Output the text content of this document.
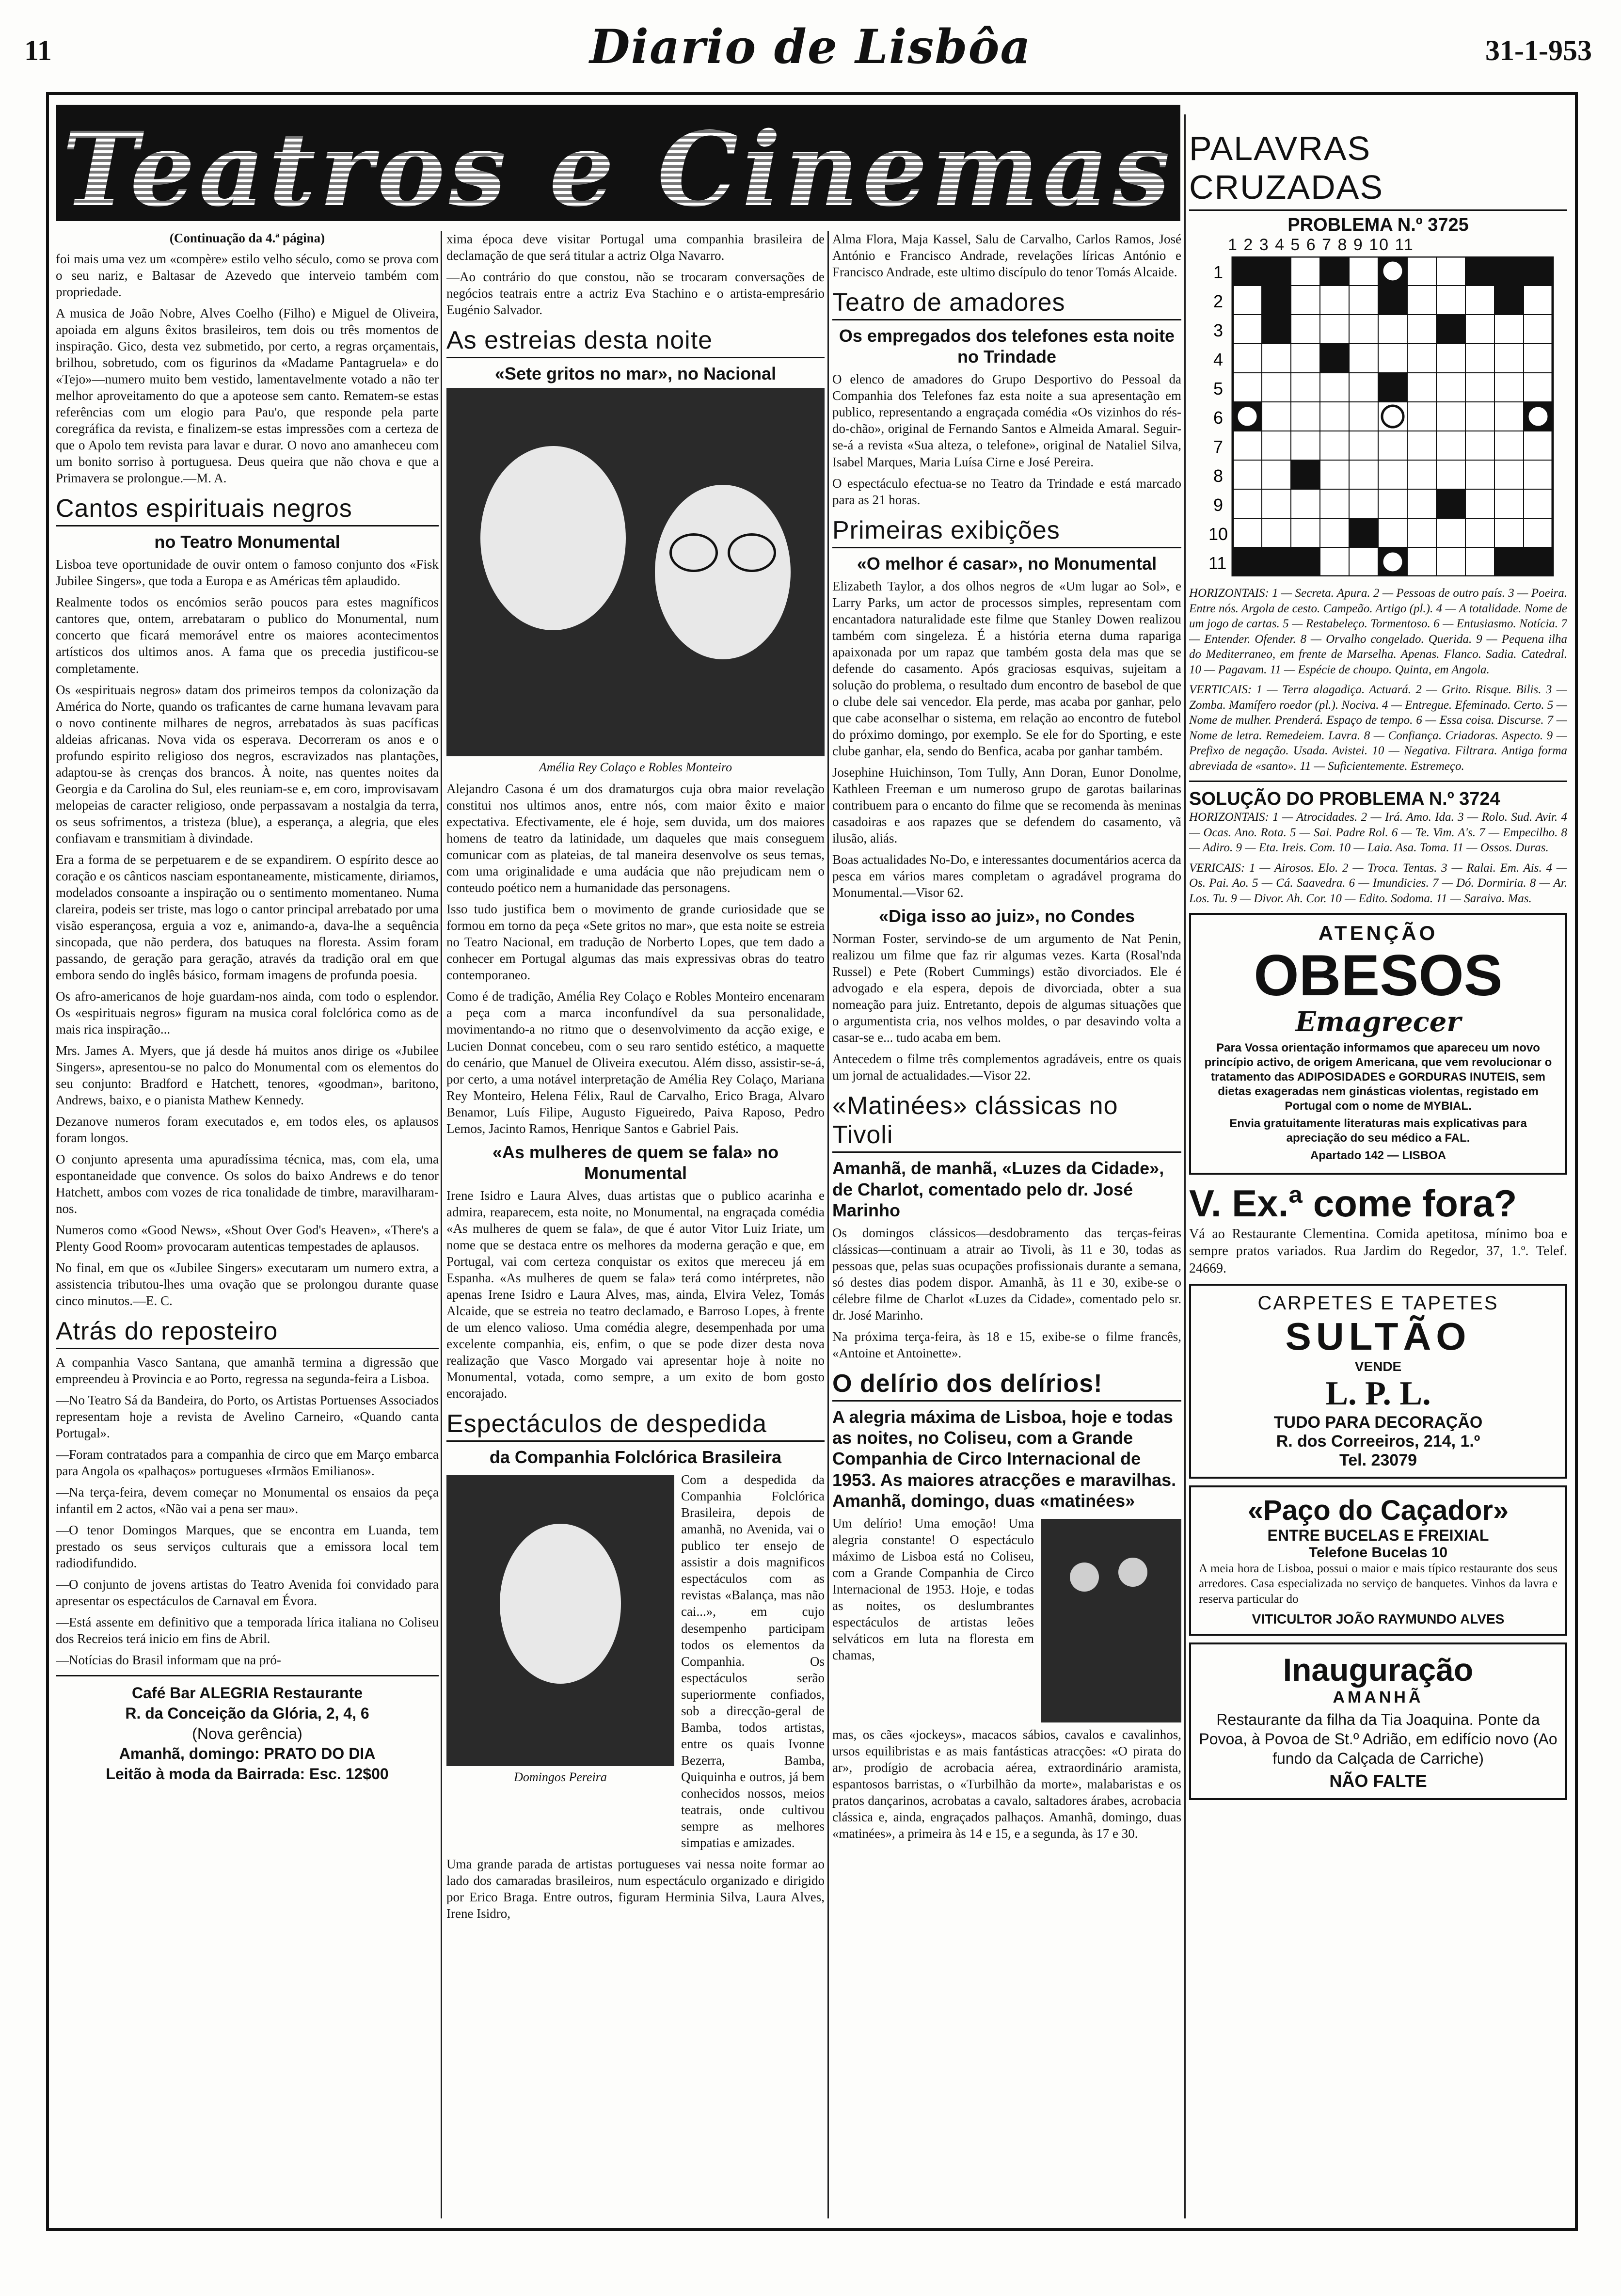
11	Diario de Lisbôa	31-1-953
Teatros e Cinemas
(Continuação da 4.ª página)

foi mais uma vez um «compère» estilo velho século, como se prova com o seu nariz, e Baltasar de Azevedo que interveio também com propriedade.

A musica de João Nobre, Alves Coelho (Filho) e Miguel de Oliveira, apoiada em alguns êxitos brasileiros, tem dois ou três momentos de inspiração. Gico, desta vez submetido, por certo, a regras orçamentais, brilhou, sobretudo, com os figurinos da «Madame Pantagruela» e do «Tejo»—numero muito bem vestido, lamentavelmente votado a não ter melhor aproveitamento do que a apoteose sem canto. Rematem-se estas referências com um elogio para Pau'o, que responde pela parte coregráfica da revista, e finalizem-se estas impressões com a certeza de que o Apolo tem revista para lavar e durar. O novo ano amanheceu com um bonito sorriso à portuguesa. Deus queira que não chova e que a Primavera se prolongue.—M. A.

Cantos espirituais negros
no Teatro Monumental

Lisboa teve oportunidade de ouvir ontem o famoso conjunto dos «Fisk Jubilee Singers», que toda a Europa e as Américas têm aplaudido.

Realmente todos os encómios serão poucos para estes magníficos cantores que, ontem, arrebataram o publico do Monumental, num concerto que ficará memorável entre os maiores acontecimentos artísticos dos ultimos anos. A fama que os precedia justificou-se completamente.

Os «espirituais negros» datam dos primeiros tempos da colonização da América do Norte, quando os traficantes de carne humana levavam para o novo continente milhares de negros, arrebatados às suas pacíficas aldeias africanas. Nova vida os esperava. Decorreram os anos e o profundo espirito religioso dos negros, escravizados nas plantações, adaptou-se às crenças dos brancos. À noite, nas quentes noites da Georgia e da Carolina do Sul, eles reuniam-se e, em coro, improvisavam melopeias de caracter religioso, onde perpassavam a nostalgia da terra, os seus sofrimentos, a tristeza (blue), a esperança, a alegria, que eles confiavam e transmitiam à divindade.

Era a forma de se perpetuarem e de se expandirem. O espírito desce ao coração e os cânticos nasciam espontaneamente, misticamente, diriamos, modelados consoante a inspiração ou o sentimento momentaneo. Numa clareira, podeis ser triste, mas logo o cantor principal arrebatado por uma visão esperançosa, erguia a voz e, animando-a, dava-lhe a sequência sincopada, que não perdera, dos batuques na floresta. Assim foram passando, de geração para geração, através da tradição oral em que embora sendo do inglês básico, formam imagens de profunda poesia.

Os afro-americanos de hoje guardam-nos ainda, com todo o esplendor. Os «espirituais negros» figuram na musica coral folclórica como as de mais rica inspiração...

Mrs. James A. Myers, que já desde há muitos anos dirige os «Jubilee Singers», apresentou-se no palco do Monumental com os elementos do seu conjunto: Bradford e Hatchett, tenores, «goodman», baritono, Andrews, baixo, e o pianista Mathew Kennedy.

Dezanove numeros foram executados e, em todos eles, os aplausos foram longos.

O conjunto apresenta uma apuradíssima técnica, mas, com ela, uma espontaneidade que convence. Os solos do baixo Andrews e do tenor Hatchett, ambos com vozes de rica tonalidade de timbre, maravilharam-nos.

Numeros como «Good News», «Shout Over God's Heaven», «There's a Plenty Good Room» provocaram autenticas tempestades de aplausos.

No final, em que os «Jubilee Singers» executaram um numero extra, a assistencia tributou-lhes uma ovação que se prolongou durante quase cinco minutos.—E. C.

Atrás do reposteiro

A companhia Vasco Santana, que amanhã termina a digressão que empreendeu à Provincia e ao Porto, regressa na segunda-feira a Lisboa.

—No Teatro Sá da Bandeira, do Porto, os Artistas Portuenses Associados representam hoje a revista de Avelino Carneiro, «Quando canta Portugal».

—Foram contratados para a companhia de circo que em Março embarca para Angola os «palhaços» portugueses «Irmãos Emilianos».

—Na terça-feira, devem começar no Monumental os ensaios da peça infantil em 2 actos, «Não vai a pena ser mau».

—O tenor Domingos Marques, que se encontra em Luanda, tem prestado os seus serviços culturais que a emissora local tem radiodifundido.

—O conjunto de jovens artistas do Teatro Avenida foi convidado para apresentar os espectáculos de Carnaval em Évora.

—Está assente em definitivo que a temporada lírica italiana no Coliseu dos Recreios terá inicio em fins de Abril.

—Notícias do Brasil informam que na pró-

Café Bar ALEGRIA Restaurante

R. da Conceição da Glória, 2, 4, 6

(Nova gerência)

Amanhã, domingo: PRATO DO DIA

Leitão à moda da Bairrada: Esc. 12$00

xima época deve visitar Portugal uma companhia brasileira de declamação de que será titular a actriz Olga Navarro.

—Ao contrário do que constou, não se trocaram conversações de negócios teatrais entre a actriz Eva Stachino e o artista-empresário Eugénio Salvador.

As estreias desta noite
«Sete gritos no mar», no Nacional
Amélia Rey Colaço e Robles Monteiro

Alejandro Casona é um dos dramaturgos cuja obra maior revelação constitui nos ultimos anos, entre nós, com maior êxito e maior expectativa. Efectivamente, ele é hoje, sem duvida, um dos maiores homens de teatro da latinidade, um daqueles que mais conseguem comunicar com as plateias, de tal maneira desenvolve os seus temas, com uma originalidade e uma audácia que não prejudicam nem o conteudo poético nem a humanidade das personagens.

Isso tudo justifica bem o movimento de grande curiosidade que se formou em torno da peça «Sete gritos no mar», que esta noite se estreia no Teatro Nacional, em tradução de Norberto Lopes, que tem dado a conhecer em Portugal algumas das mais expressivas obras do teatro contemporaneo.

Como é de tradição, Amélia Rey Colaço e Robles Monteiro encenaram a peça com a marca inconfundível da sua personalidade, movimentando-a no ritmo que o desenvolvimento da acção exige, e Lucien Donnat concebeu, com o seu raro sentido estético, a maquette do cenário, que Manuel de Oliveira executou. Além disso, assistir-se-á, por certo, a uma notável interpretação de Amélia Rey Colaço, Mariana Rey Monteiro, Helena Félix, Raul de Carvalho, Erico Braga, Alvaro Benamor, Luís Filipe, Augusto Figueiredo, Paiva Raposo, Pedro Lemos, Jacinto Ramos, Henrique Santos e Gabriel Pais.

«As mulheres de quem se fala» no Monumental

Irene Isidro e Laura Alves, duas artistas que o publico acarinha e admira, reaparecem, esta noite, no Monumental, na engraçada comédia «As mulheres de quem se fala», de que é autor Vitor Luiz Iriate, um nome que se destaca entre os melhores da moderna geração e que, em Portugal, vai com certeza conquistar os exitos que mereceu já em Espanha. «As mulheres de quem se fala» terá como intérpretes, não apenas Irene Isidro e Laura Alves, mas, ainda, Elvira Velez, Tomás Alcaide, que se estreia no teatro declamado, e Barroso Lopes, à frente de um elenco valioso. Uma comédia alegre, desempenhada por uma excelente companhia, eis, enfim, o que se pode dizer desta nova realização que Vasco Morgado vai apresentar hoje à noite no Monumental, votada, como sempre, a um exito de bom gosto encorajado.

Espectáculos de despedida
da Companhia Folclórica Brasileira
Domingos Pereira

Com a despedida da Companhia Folclórica Brasileira, depois de amanhã, no Avenida, vai o publico ter ensejo de assistir a dois magnificos espectáculos com as revistas «Balança, mas não cai...», em cujo desempenho participam todos os elementos da Companhia. Os espectáculos serão superiormente confiados, sob a direcção-geral de Bamba, todos artistas, entre os quais Ivonne Bezerra, Bamba, Quiquinha e outros, já bem conhecidos nossos, meios teatrais, onde cultivou sempre as melhores simpatias e amizades.

Uma grande parada de artistas portugueses vai nessa noite formar ao lado dos camaradas brasileiros, num espectáculo organizado e dirigido por Erico Braga. Entre outros, figuram Herminia Silva, Laura Alves, Irene Isidro,

Alma Flora, Maja Kassel, Salu de Carvalho, Carlos Ramos, José António e Francisco Andrade, revelações líricas António e Francisco Andrade, este ultimo discípulo do tenor Tomás Alcaide.

Teatro de amadores
Os empregados dos telefones esta noite no Trindade

O elenco de amadores do Grupo Desportivo do Pessoal da Companhia dos Telefones faz esta noite a sua apresentação em publico, representando a engraçada comédia «Os vizinhos do rés-do-chão», original de Fernando Santos e Almeida Amaral. Seguir-se-á a revista «Sua alteza, o telefone», original de Nataliel Silva, Isabel Marques, Maria Luísa Cirne e José Pereira.

O espectáculo efectua-se no Teatro da Trindade e está marcado para as 21 horas.

Primeiras exibições
«O melhor é casar», no Monumental

Elizabeth Taylor, a dos olhos negros de «Um lugar ao Sol», e Larry Parks, um actor de processos simples, representam com encantadora naturalidade este filme que Stanley Dowen realizou também com singeleza. É a história eterna duma rapariga apaixonada por um rapaz que também gosta dela mas que se defende do casamento. Após graciosas esquivas, sujeitam a solução do problema, o resultado dum encontro de basebol de que o clube dele sai vencedor. Ela perde, mas acaba por ganhar, pelo que cabe aconselhar o sistema, em relação ao encontro de futebol do próximo domingo, por exemplo. Se ele for do Sporting, e este clube ganhar, ela, sendo do Benfica, acaba por ganhar também.

Josephine Huichinson, Tom Tully, Ann Doran, Eunor Donolme, Kathleen Freeman e um numeroso grupo de garotas bailarinas contribuem para o encanto do filme que se recomenda às meninas casadoiras e aos rapazes que se defendem do casamento, vã ilusão, aliás.

Boas actualidades No-Do, e interessantes documentários acerca da pesca em vários mares completam o agradável programa do Monumental.—Visor 62.

«Diga isso ao juiz», no Condes

Norman Foster, servindo-se de um argumento de Nat Penin, realizou um filme que faz rir algumas vezes. Karta (Rosal'nda Russel) e Pete (Robert Cummings) estão divorciados. Ele é advogado e ela espera, depois de divorciada, obter a sua nomeação para juiz. Entretanto, depois de algumas situações que o argumentista cria, nos velhos moldes, o par desavindo volta a casar-se e... tudo acaba em bem.

Antecedem o filme três complementos agradáveis, entre os quais um jornal de actualidades.—Visor 22.

«Matinées» clássicas no Tivoli
Amanhã, de manhã, «Luzes da Cidade», de Charlot, comentado pelo dr. José Marinho

Os domingos clássicos—desdobramento das terças-feiras clássicas—continuam a atrair ao Tivoli, às 11 e 30, todas as pessoas que, pelas suas ocupações profissionais durante a semana, só destes dias podem dispor. Amanhã, às 11 e 30, exibe-se o célebre filme de Charlot «Luzes da Cidade», comentado pelo sr. dr. José Marinho.

Na próxima terça-feira, às 18 e 15, exibe-se o filme francês, «Antoine et Antoinette».

O delírio dos delírios!
A alegria máxima de Lisboa, hoje e todas as noites, no Coliseu, com a Grande Companhia de Circo Internacional de 1953. As maiores atracções e maravilhas. Amanhã, domingo, duas «matinées»

Um delírio! Uma emoção! Uma alegria constante! O espectáculo máximo de Lisboa está no Coliseu, com a Grande Companhia de Circo Internacional de 1953. Hoje, e todas as noites, os deslumbrantes espectáculos de artistas leões selváticos em luta na floresta em chamas,

mas, os cães «jockeys», macacos sábios, cavalos e cavalinhos, ursos equilibristas e as mais fantásticas atracções: «O pirata do ar», prodígio de acrobacia aérea, extraordinário aramista, espantosos barristas, o «Turbilhão da morte», malabaristas e os pratos dançarinos, acrobatas a cavalo, saltadores árabes, acrobacia clássica e, ainda, engraçados palhaços. Amanhã, domingo, duas «matinées», a primeira às 14 e 15, e a segunda, às 17 e 30.

PALAVRAS CRUZADAS
PROBLEMA N.º 3725
1 2 3 4 5 6 7 8 9 10 11
1
2
3
4
5
6
7
8
9
10
11

HORIZONTAIS: 1 — Secreta. Apura. 2 — Pessoas de outro país. 3 — Poeira. Entre nós. Argola de cesto. Campeão. Artigo (pl.). 4 — A totalidade. Nome de um jogo de cartas. 5 — Restabeleço. Tormentoso. 6 — Entusiasmo. Notícia. 7 — Entender. Ofender. 8 — Orvalho congelado. Querida. 9 — Pequena ilha do Mediterraneo, em frente de Marselha. Apenas. Flanco. Sadia. Catedral. 10 — Pagavam. 11 — Espécie de choupo. Quinta, em Angola.

VERTICAIS: 1 — Terra alagadiça. Actuará. 2 — Grito. Risque. Bilis. 3 — Zomba. Mamífero roedor (pl.). Nociva. 4 — Entregue. Efeminado. Certo. 5 — Nome de mulher. Prenderá. Espaço de tempo. 6 — Essa coisa. Discurse. 7 — Nome de letra. Remedeiem. Lavra. 8 — Confiança. Criadoras. Aspecto. 9 — Prefixo de negação. Usada. Avistei. 10 — Negativa. Filtrara. Antiga forma abreviada de «santo». 11 — Suficientemente. Estremeço.

SOLUÇÃO DO PROBLEMA N.º 3724

HORIZONTAIS: 1 — Atrocidades. 2 — Irá. Amo. Ida. 3 — Rolo. Sud. Avir. 4 — Ocas. Ano. Rota. 5 — Sai. Padre Rol. 6 — Te. Vim. A's. 7 — Empecilho. 8 — Adiro. 9 — Eta. Ireis. Com. 10 — Laia. Asa. Toma. 11 — Ossos. Duras.

VERICAIS: 1 — Airosos. Elo. 2 — Troca. Tentas. 3 — Ralai. Em. Ais. 4 — Os. Pai. Ao. 5 — Cá. Saavedra. 6 — Imundicies. 7 — Dó. Dormiria. 8 — Ar. Los. Tu. 9 — Divor. Ah. Cor. 10 — Edito. Sodoma. 11 — Saraiva. Mas.

ATENÇÃO
OBESOS
Emagrecer

Para Vossa orientação informamos que apareceu um novo princípio activo, de origem Americana, que vem revolucionar o tratamento das ADIPOSIDADES e GORDURAS INUTEIS, sem dietas exageradas nem ginásticas violentas, registado em Portugal com o nome de MYBIAL.

Envia gratuitamente literaturas mais explicativas para apreciação do seu médico a FAL.

Apartado 142 — LISBOA

V. Ex.ª come fora?

Vá ao Restaurante Clementina. Comida apetitosa, mínimo boa e sempre pratos variados. Rua Jardim do Regedor, 37, 1.º. Telef. 24669.

CARPETES E TAPETES
SULTÃO
VENDE
L. P. L.
TUDO PARA DECORAÇÃO
R. dos Correeiros, 214, 1.º
Tel. 23079
«Paço do Caçador»
ENTRE BUCELAS E FREIXIAL
Telefone Bucelas 10

A meia hora de Lisboa, possui o maior e mais típico restaurante dos seus arredores. Casa especializada no serviço de banquetes. Vinhos da lavra e reserva particular do

VITICULTOR JOÃO RAYMUNDO ALVES
Inauguração
AMANHÃ

Restaurante da filha da Tia Joaquina. Ponte da Povoa, à Povoa de St.º Adrião, em edifício novo (Ao fundo da Calçada de Carriche)

NÃO FALTE
